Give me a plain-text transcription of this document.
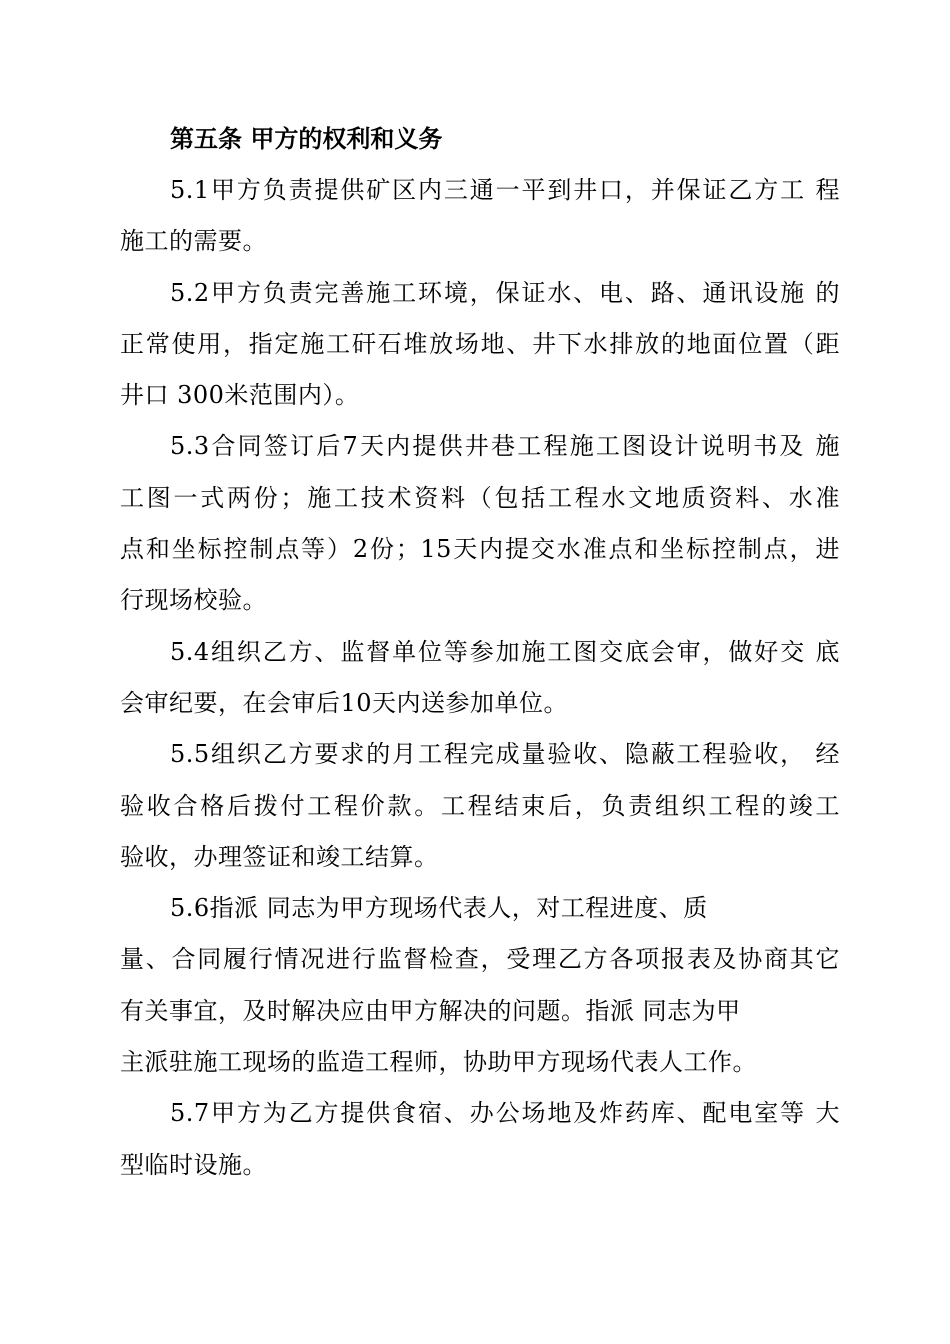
第五条 甲方的权利和义务

5.1甲方负责提供矿区内三通一平到井口，并保证乙方工 程
施工的需要。
5.2甲方负责完善施工环境，保证水、电、路、通讯设施 的
正常使用，指定施工矸石堆放场地、井下水排放的地面位置（距
井口 300米范围内）。
5.3合同签订后7天内提供井巷工程施工图设计说明书及 施
工图一式两份；施工技术资料（包括工程水文地质资料、水准
点和坐标控制点等）2份；15天内提交水准点和坐标控制点，进
行现场校验。
5.4组织乙方、监督单位等参加施工图交底会审，做好交 底
会审纪要，在会审后10天内送参加单位。
5.5组织乙方要求的月工程完成量验收、隐蔽工程验收， 经
验收合格后拨付工程价款。工程结束后，负责组织工程的竣工
验收，办理签证和竣工结算。
5.6指派 同志为甲方现场代表人，对工程进度、质
量、合同履行情况进行监督检查，受理乙方各项报表及协商其它
有关事宜，及时解决应由甲方解决的问题。指派 同志为甲
主派驻施工现场的监造工程师，协助甲方现场代表人工作。
5.7甲方为乙方提供食宿、办公场地及炸药库、配电室等 大
型临时设施。
